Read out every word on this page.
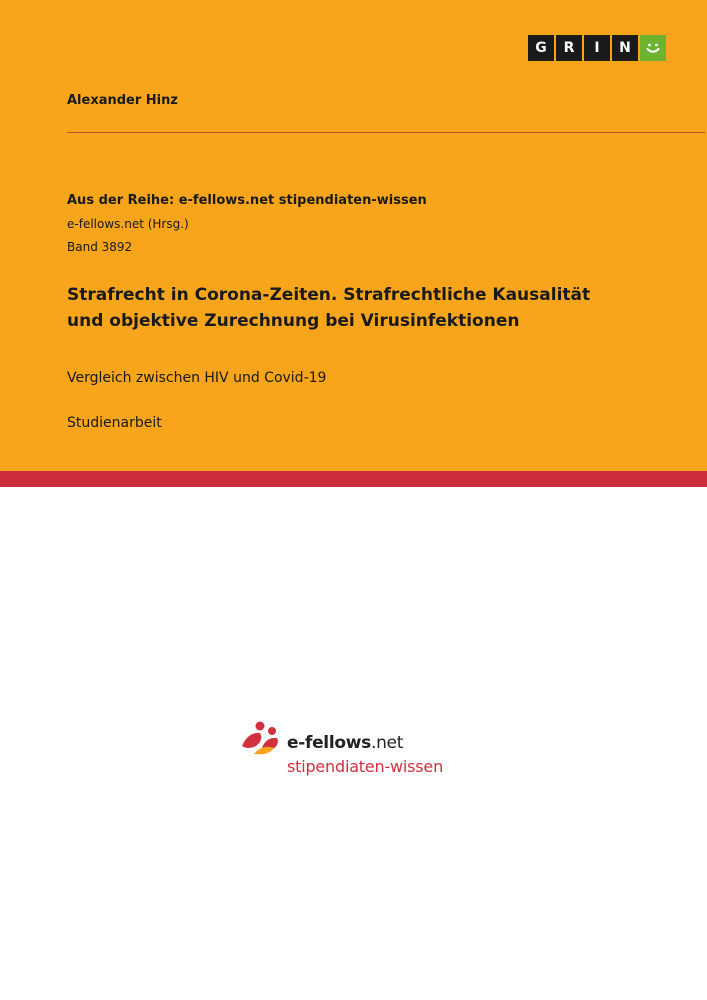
G	R	I	N
Alexander Hinz
Aus der Reihe: e-fellows.net stipendiaten-wissen
e-fellows.net (Hrsg.)
Band 3892
Strafrecht in Corona-Zeiten. Strafrechtliche Kausalität
und objektive Zurechnung bei Virusinfektionen
Vergleich zwischen HIV und Covid-19
Studienarbeit
e-fellows.net
stipendiaten-wissen
